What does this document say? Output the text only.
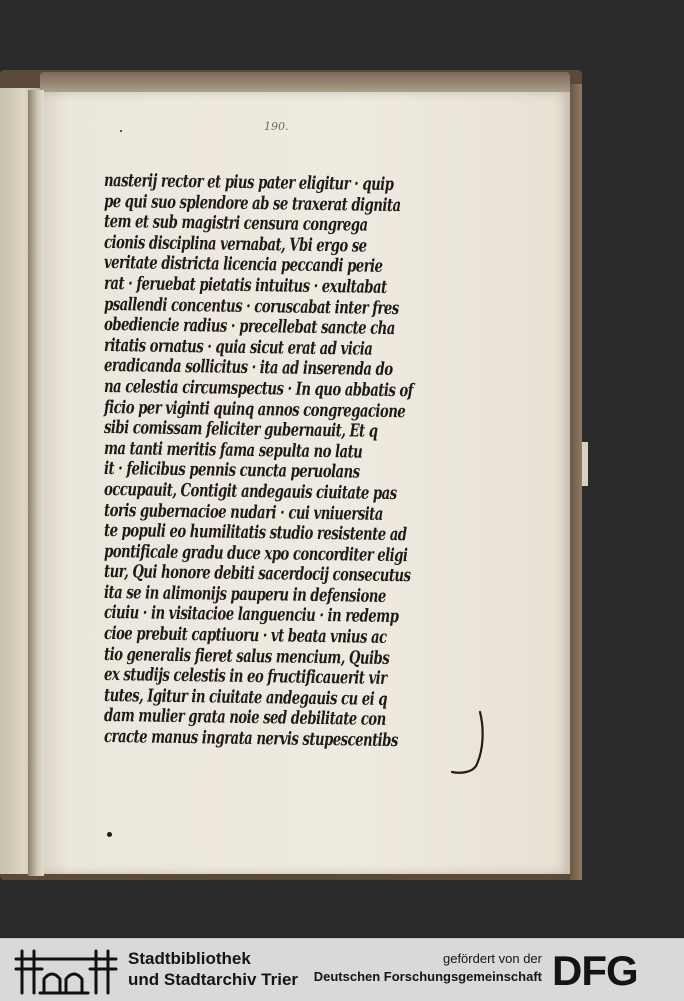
190.
nasterij rector et pius pater eligitur · quip
pe qui suo splendore ab se traxerat dignita
tem et sub magistri censura congrega
cionis disciplina vernabat, Vbi ergo se
veritate districta licencia peccandi perie
rat · feruebat pietatis intuitus · exultabat
psallendi concentus · coruscabat inter fres
obediencie radius · precellebat sancte cha
ritatis ornatus · quia sicut erat ad vicia
eradicanda sollicitus · ita ad inserenda do
na celestia circumspectus · In quo abbatis of
ficio per viginti quinq annos congregacione
sibi comissam feliciter gubernauit, Et q
ma tanti meritis fama sepulta no latu
it · felicibus pennis cuncta peruolans
occupauit, Contigit andegauis ciuitate pas
toris gubernacioe nudari · cui vniuersita
te populi eo humilitatis studio resistente ad
pontificale gradu duce xpo concorditer eligi
tur, Qui honore debiti sacerdocij consecutus
ita se in alimonijs pauperu in defensione
ciuiu · in visitacioe languenciu · in redemp
cioe prebuit captiuoru · vt beata vnius ac
tio generalis fieret salus mencium, Quibs
ex studijs celestis in eo fructificauerit vir
tutes, Igitur in ciuitate andegauis cu ei q
dam mulier grata noie sed debilitate con
cracte manus ingrata nervis stupescentibs
Stadtbibliothek
und Stadtarchiv Trier
gefördert von der
Deutschen Forschungsgemeinschaft DFG
